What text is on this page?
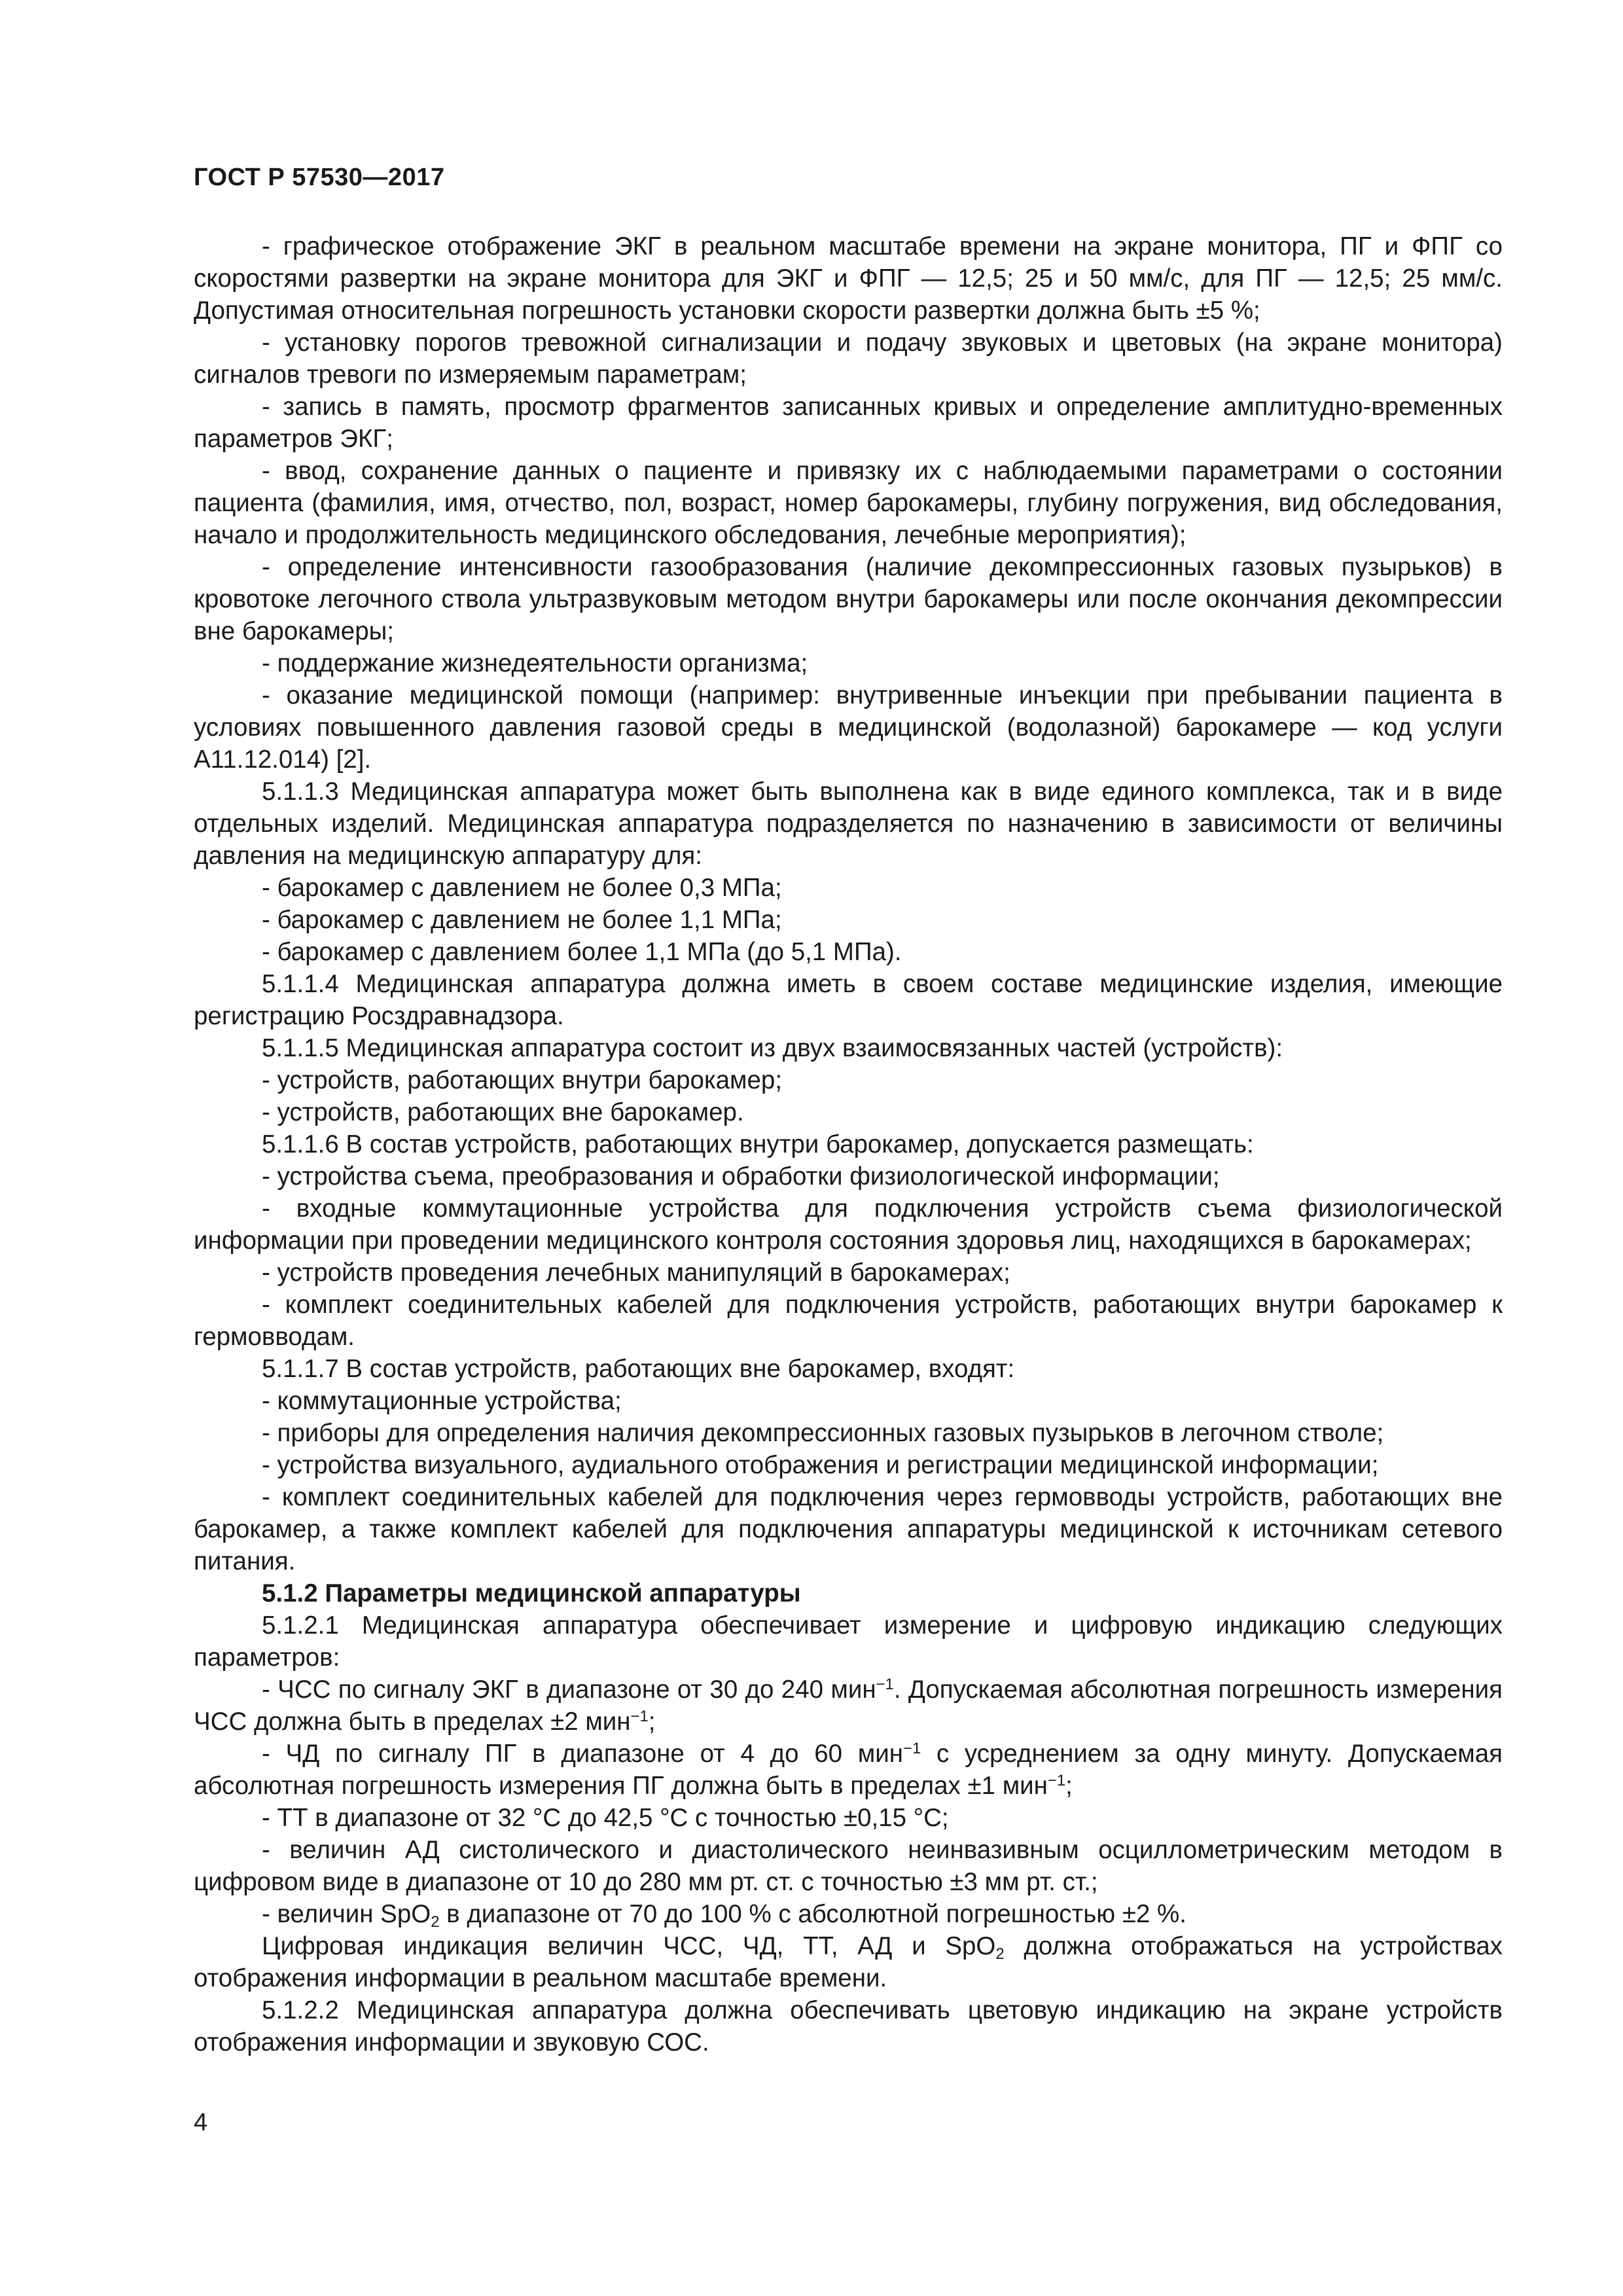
ГОСТ Р 57530—2017

- графическое отображение ЭКГ в реальном масштабе времени на экране монитора, ПГ и ФПГ со скоростями развертки на экране монитора для ЭКГ и ФПГ — 12,5; 25 и 50 мм/с, для ПГ — 12,5; 25 мм/с. Допустимая относительная погрешность установки скорости развертки должна быть ±5 %;

- установку порогов тревожной сигнализации и подачу звуковых и цветовых (на экране монитора) сигналов тревоги по измеряемым параметрам;

- запись в память, просмотр фрагментов записанных кривых и определение амплитудно-временных параметров ЭКГ;

- ввод, сохранение данных о пациенте и привязку их с наблюдаемыми параметрами о состоянии пациента (фамилия, имя, отчество, пол, возраст, номер барокамеры, глубину погружения, вид обследования, начало и продолжительность медицинского обследования, лечебные мероприятия);

- определение интенсивности газообразования (наличие декомпрессионных газовых пузырьков) в кровотоке легочного ствола ультразвуковым методом внутри барокамеры или после окончания декомпрессии вне барокамеры;

- поддержание жизнедеятельности организма;

- оказание медицинской помощи (например: внутривенные инъекции при пребывании пациента в условиях повышенного давления газовой среды в медицинской (водолазной) барокамере — код услуги А11.12.014) [2].

5.1.1.3 Медицинская аппаратура может быть выполнена как в виде единого комплекса, так и в виде отдельных изделий. Медицинская аппаратура подразделяется по назначению в зависимости от величины давления на медицинскую аппаратуру для:

- барокамер с давлением не более 0,3 МПа;

- барокамер с давлением не более 1,1 МПа;

- барокамер с давлением более 1,1 МПа (до 5,1 МПа).

5.1.1.4 Медицинская аппаратура должна иметь в своем составе медицинские изделия, имеющие регистрацию Росздравнадзора.

5.1.1.5 Медицинская аппаратура состоит из двух взаимосвязанных частей (устройств):

- устройств, работающих внутри барокамер;

- устройств, работающих вне барокамер.

5.1.1.6 В состав устройств, работающих внутри барокамер, допускается размещать:

- устройства съема, преобразования и обработки физиологической информации;

- входные коммутационные устройства для подключения устройств съема физиологической информации при проведении медицинского контроля состояния здоровья лиц, находящихся в барокамерах;

- устройств проведения лечебных манипуляций в барокамерах;

- комплект соединительных кабелей для подключения устройств, работающих внутри барокамер к гермовводам.

5.1.1.7 В состав устройств, работающих вне барокамер, входят:

- коммутационные устройства;

- приборы для определения наличия декомпрессионных газовых пузырьков в легочном стволе;

- устройства визуального, аудиального отображения и регистрации медицинской информации;

- комплект соединительных кабелей для подключения через гермовводы устройств, работающих вне барокамер, а также комплект кабелей для подключения аппаратуры медицинской к источникам сетевого питания.

5.1.2 Параметры медицинской аппаратуры

5.1.2.1 Медицинская аппаратура обеспечивает измерение и цифровую индикацию следующих параметров:

- ЧСС по сигналу ЭКГ в диапазоне от 30 до 240 мин$^{-1}$. Допускаемая абсолютная погрешность измерения ЧСС должна быть в пределах ±2 мин$^{-1}$;

- ЧД по сигналу ПГ в диапазоне от 4 до 60 мин$^{-1}$ с усреднением за одну минуту. Допускаемая абсолютная погрешность измерения ПГ должна быть в пределах ±1 мин$^{-1}$;

- ТТ в диапазоне от 32 °С до 42,5 °С с точностью ±0,15 °С;

- величин АД систолического и диастолического неинвазивным осциллометрическим методом в цифровом виде в диапазоне от 10 до 280 мм рт. ст. с точностью ±3 мм рт. ст.;

- величин SpO$_2$ в диапазоне от 70 до 100 % с абсолютной погрешностью ±2 %.

Цифровая индикация величин ЧСС, ЧД, ТТ, АД и SpO$_2$ должна отображаться на устройствах отображения информации в реальном масштабе времени.

5.1.2.2 Медицинская аппаратура должна обеспечивать цветовую индикацию на экране устройств отображения информации и звуковую СОС.

4
